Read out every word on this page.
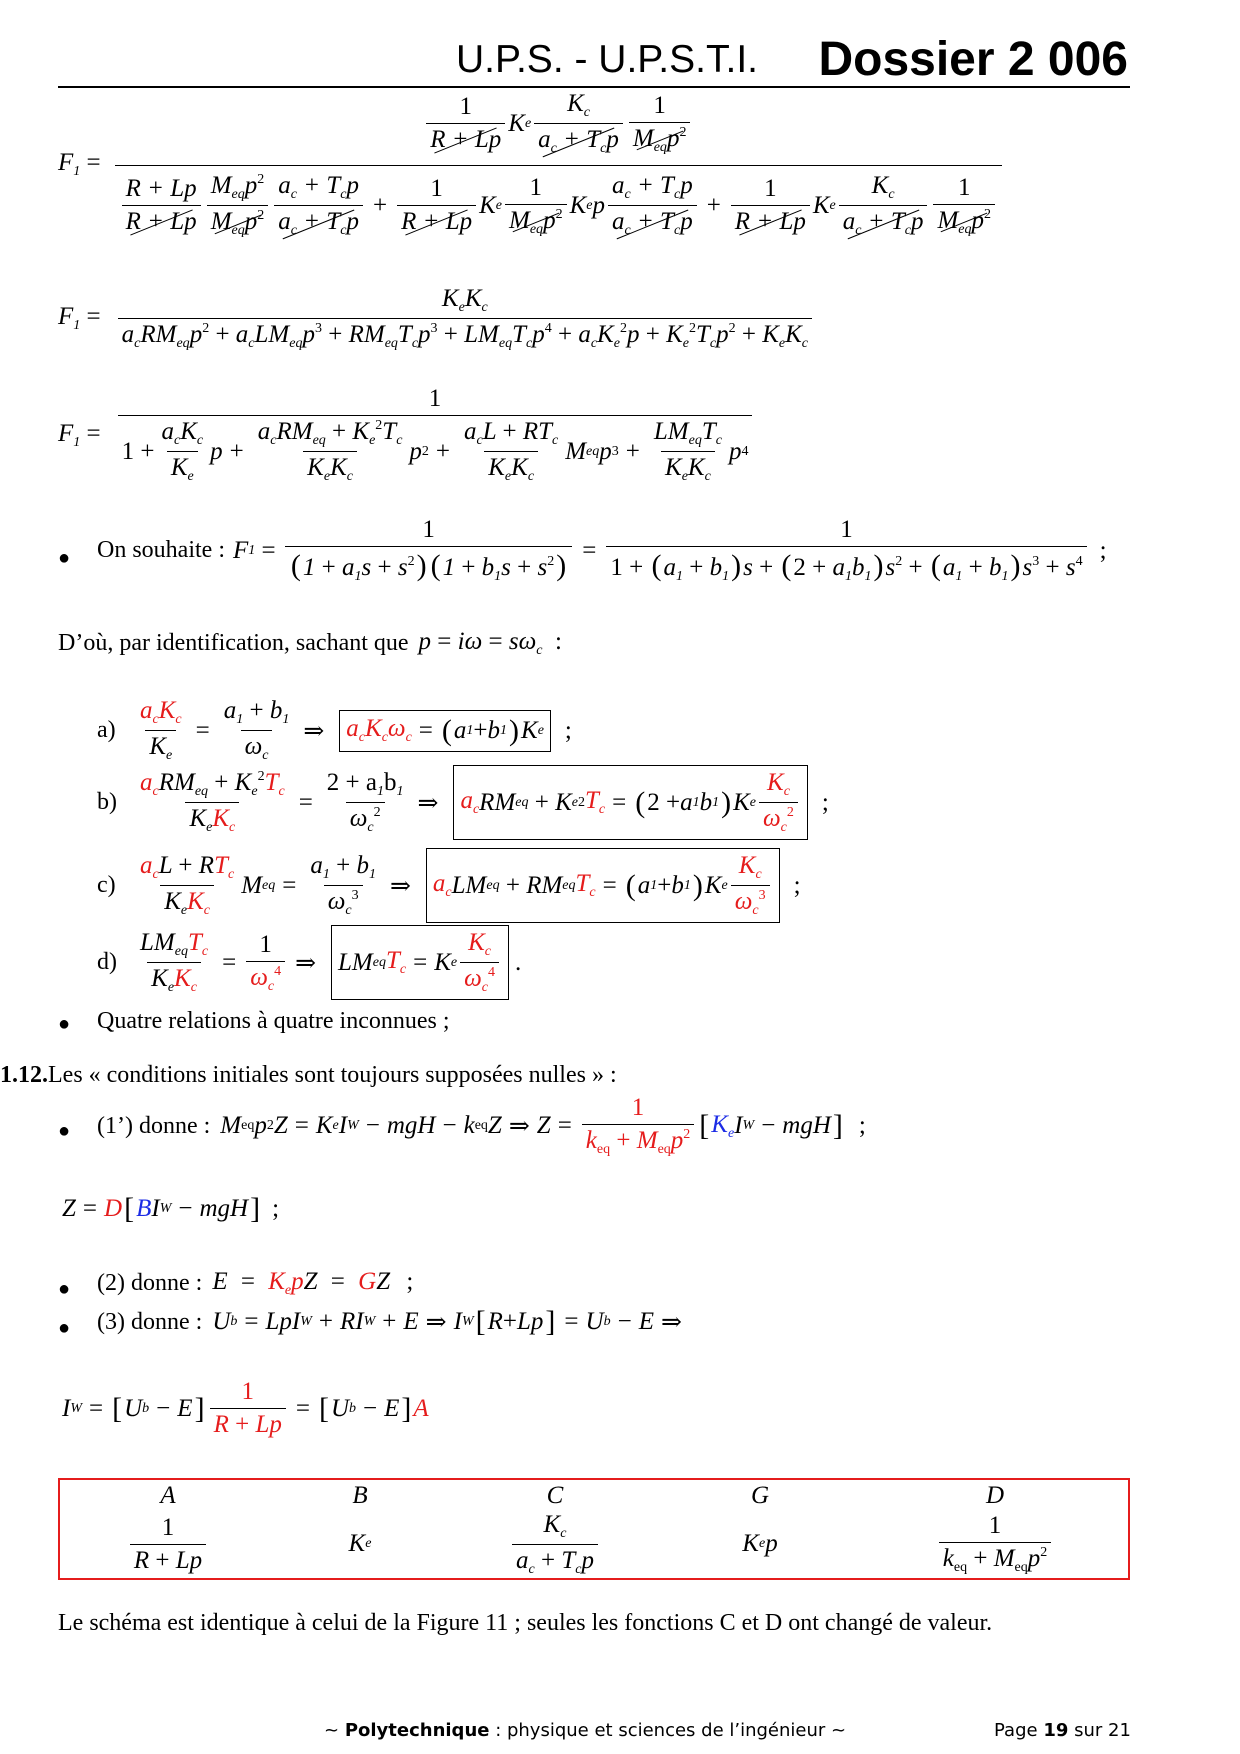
U.P.S. - U.P.S.T.I. Dossier 2 006
$F_1$ =
$\frac{1}{R + Lp}$ K e $\frac{K_c}{a_c + T_cp} \frac{1}{M_{eq}p^2}$
$\frac{R + Lp}{R + Lp} \frac{M_{eq}p^2}{M_{eq}p^2} \frac{a_c + T_cp}{a_c + T_cp} + \frac{1}{R + Lp}$ K e $\frac{1}{M_{eq}p^2}$ K e p $\frac{a_c + T_cp}{a_c + T_cp} + \frac{1}{R + Lp}$ K e $\frac{K_c}{a_c + T_cp} \frac{1}{M_{eq}p^2}$
$F_1$ =
$K_eK_c$
$a_cRM_{eq}p^2 + a_cLM_{eq}p^3 + RM_{eq}T_cp^3 + LM_{eq}T_cp^4 + a_cK_e^2p + K_e^2T_cp^2 + K_eK_c$
$F_1$ =
1
$1 + \frac{a_cK_c}{K_e}$ $p + \frac{a_cRM_{eq} + K_e^2T_c}{K_eK_c}$ p $2 + \frac{a_cL + RT_c}{K_eK_c}$ M eq p $3 + \frac{LM_{eq}T_c}{K_eK_c}$ p 4
● On souhaite : F $1 = \frac{1}{(1 + a_1s + s^2) (1 + b_1s + s^2)} = \frac{1}{1 + (a_1 + b_1)s + (2 + a_1b_1)s^2 + (a_1 + b_1)s^3 + s^4}$ ;
D’où, par identification, sachant que $p = i\omega = s\omega_c$  :
$a) \frac{a_cK_c}{K_e} = \frac{a_1 + b_1}{\omega_c}$ ⇒ $a_cK_c\omega_c$ = ( a 1 + b 1 ) K e ;
$b) \frac{a_cRM_{eq} + K_e^2T_c}{K_eK_c} = \frac{2 + a_1b_1}{\omega_c^2}$ ⇒ $a_c$ RM eq + K e 2 $T_c$ = ( 2 + a 1 b 1 ) K e $\frac{K_c}{\omega_c^2}$ ;
$c) \frac{a_cL + RT_c}{K_eK_c}$ M eq = $\frac{a_1 + b_1}{\omega_c^3}$ ⇒ $a_c$ LM eq + RM eq $T_c$ = ( a 1 + b 1 ) K e $\frac{K_c}{\omega_c^3}$ ;
$d) \frac{LM_{eq}T_c}{K_eK_c} = \frac{1}{\omega_c^4}$ ⇒ LM eq $T_c = K$ e $\frac{K_c}{\omega_c^4}$ .
● Quatre relations à quatre inconnues ;
1.12. Les « conditions initiales sont toujours supposées nulles » :
● (1’) donne : M eq p 2 Z = K e I W − mgH − k eq Z ⇒ $Z = \frac{1}{k_{eq} + M_{eq}p^2}$ [ $K_e$ I W − mgH ] ;
Z = D [ B I W − mgH ] ;
● (2) donne : $E = K_epZ$ = GZ ;
● (3) donne : U b = LpI W + RI W + E ⇒ I W [ R + Lp ] = U b − E ⇒
I W = [ U b − E ] $\frac{1}{R + Lp}$ = [ U b − E ] A
A
$\frac{1}{R + Lp}$
B
K e
C
$\frac{K_c}{a_c + T_cp}$
G
K e p
D
$\frac{1}{k_{eq} + M_{eq}p^2}$
Le schéma est identique à celui de la Figure 11 ; seules les fonctions C et D ont changé de valeur.
~ Polytechnique : physique et sciences de l’ingénieur ~	Page 19 sur 21
